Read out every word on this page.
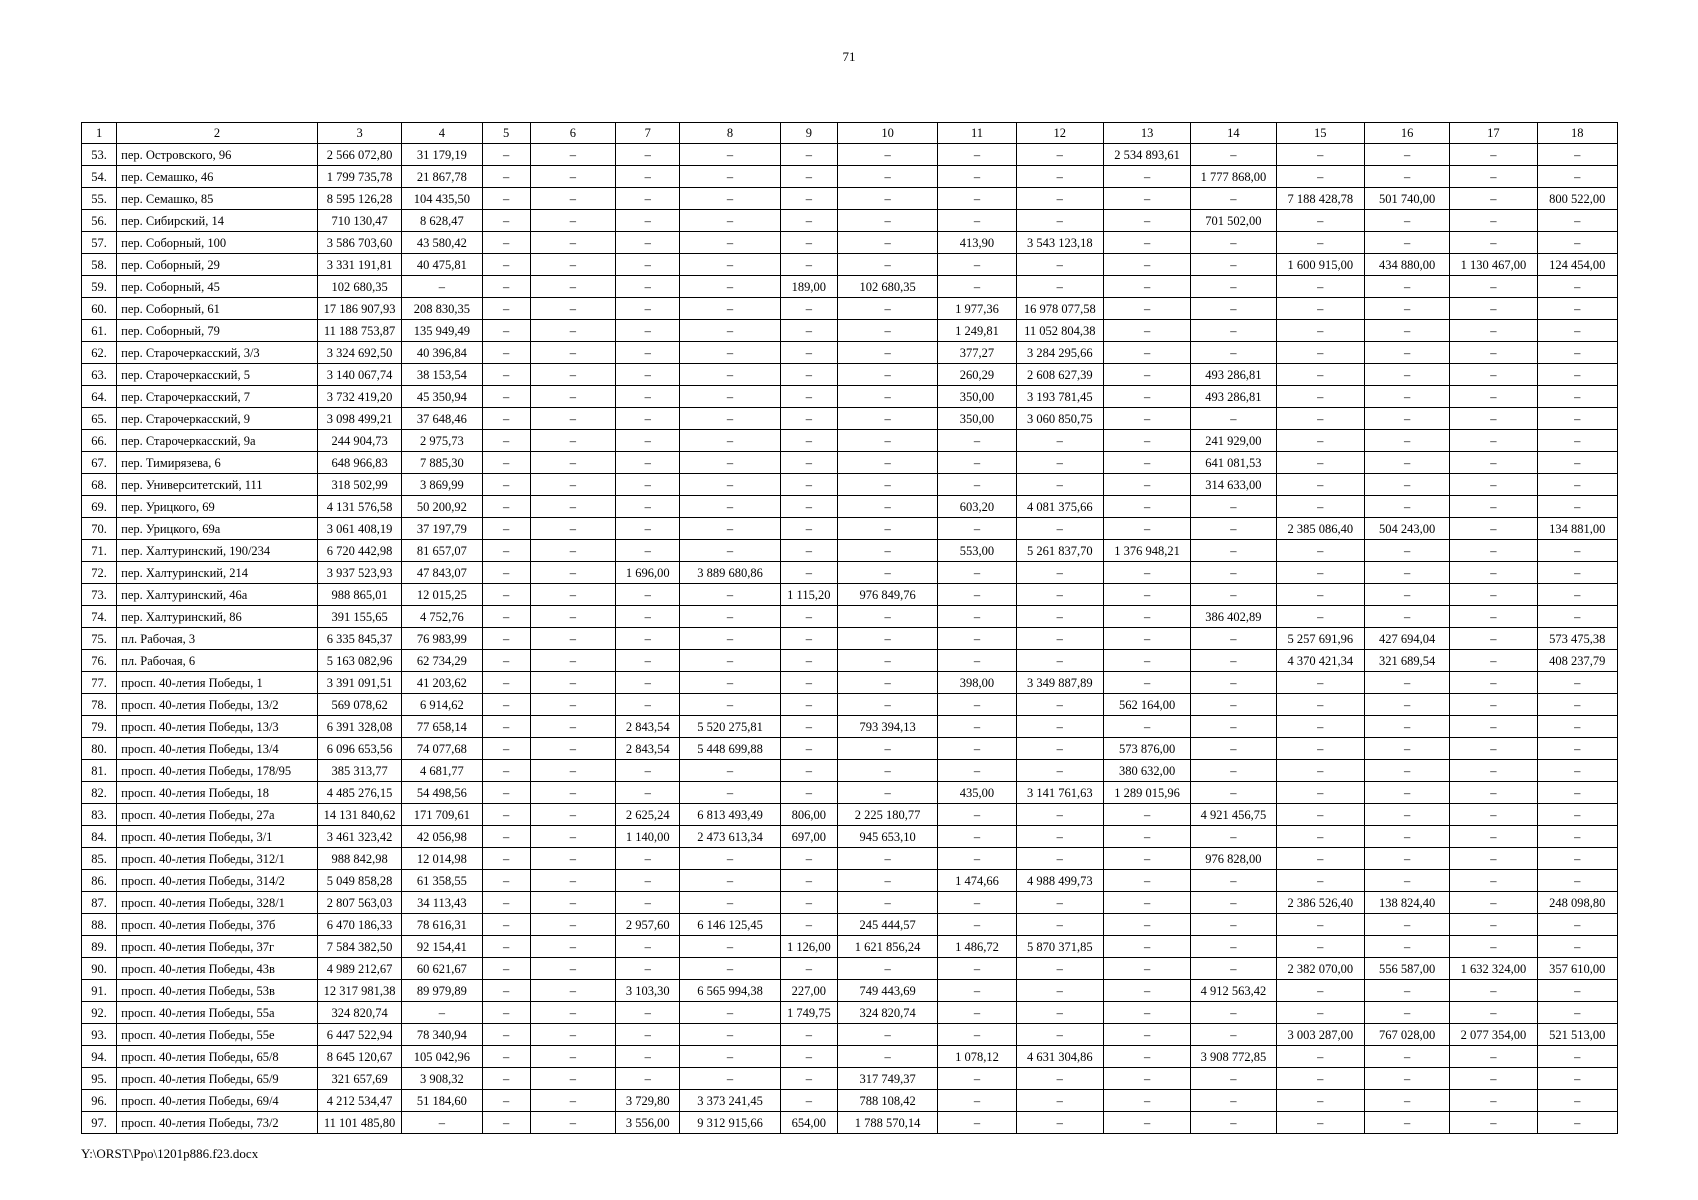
71
1	2	3	4	5	6	7	8	9	10	11	12	13	14	15	16	17	18
53.	пер. Островского, 96	2 566 072,80	31 179,19	–	–	–	–	–	–	–	–	2 534 893,61	–	–	–	–	–
54.	пер. Семашко, 46	1 799 735,78	21 867,78	–	–	–	–	–	–	–	–	–	1 777 868,00	–	–	–	–
55.	пер. Семашко, 85	8 595 126,28	104 435,50	–	–	–	–	–	–	–	–	–	–	7 188 428,78	501 740,00	–	800 522,00
56.	пер. Сибирский, 14	710 130,47	8 628,47	–	–	–	–	–	–	–	–	–	701 502,00	–	–	–	–
57.	пер. Соборный, 100	3 586 703,60	43 580,42	–	–	–	–	–	–	413,90	3 543 123,18	–	–	–	–	–	–
58.	пер. Соборный, 29	3 331 191,81	40 475,81	–	–	–	–	–	–	–	–	–	–	1 600 915,00	434 880,00	1 130 467,00	124 454,00
59.	пер. Соборный, 45	102 680,35	–	–	–	–	–	189,00	102 680,35	–	–	–	–	–	–	–	–
60.	пер. Соборный, 61	17 186 907,93	208 830,35	–	–	–	–	–	–	1 977,36	16 978 077,58	–	–	–	–	–	–
61.	пер. Соборный, 79	11 188 753,87	135 949,49	–	–	–	–	–	–	1 249,81	11 052 804,38	–	–	–	–	–	–
62.	пер. Старочеркасский, 3/3	3 324 692,50	40 396,84	–	–	–	–	–	–	377,27	3 284 295,66	–	–	–	–	–	–
63.	пер. Старочеркасский, 5	3 140 067,74	38 153,54	–	–	–	–	–	–	260,29	2 608 627,39	–	493 286,81	–	–	–	–
64.	пер. Старочеркасский, 7	3 732 419,20	45 350,94	–	–	–	–	–	–	350,00	3 193 781,45	–	493 286,81	–	–	–	–
65.	пер. Старочеркасский, 9	3 098 499,21	37 648,46	–	–	–	–	–	–	350,00	3 060 850,75	–	–	–	–	–	–
66.	пер. Старочеркасский, 9а	244 904,73	2 975,73	–	–	–	–	–	–	–	–	–	241 929,00	–	–	–	–
67.	пер. Тимирязева, 6	648 966,83	7 885,30	–	–	–	–	–	–	–	–	–	641 081,53	–	–	–	–
68.	пер. Университетский, 111	318 502,99	3 869,99	–	–	–	–	–	–	–	–	–	314 633,00	–	–	–	–
69.	пер. Урицкого, 69	4 131 576,58	50 200,92	–	–	–	–	–	–	603,20	4 081 375,66	–	–	–	–	–	–
70.	пер. Урицкого, 69а	3 061 408,19	37 197,79	–	–	–	–	–	–	–	–	–	–	2 385 086,40	504 243,00	–	134 881,00
71.	пер. Халтуринский, 190/234	6 720 442,98	81 657,07	–	–	–	–	–	–	553,00	5 261 837,70	1 376 948,21	–	–	–	–	–
72.	пер. Халтуринский, 214	3 937 523,93	47 843,07	–	–	1 696,00	3 889 680,86	–	–	–	–	–	–	–	–	–	–
73.	пер. Халтуринский, 46а	988 865,01	12 015,25	–	–	–	–	1 115,20	976 849,76	–	–	–	–	–	–	–	–
74.	пер. Халтуринский, 86	391 155,65	4 752,76	–	–	–	–	–	–	–	–	–	386 402,89	–	–	–	–
75.	пл. Рабочая, 3	6 335 845,37	76 983,99	–	–	–	–	–	–	–	–	–	–	5 257 691,96	427 694,04	–	573 475,38
76.	пл. Рабочая, 6	5 163 082,96	62 734,29	–	–	–	–	–	–	–	–	–	–	4 370 421,34	321 689,54	–	408 237,79
77.	просп. 40-летия Победы, 1	3 391 091,51	41 203,62	–	–	–	–	–	–	398,00	3 349 887,89	–	–	–	–	–	–
78.	просп. 40-летия Победы, 13/2	569 078,62	6 914,62	–	–	–	–	–	–	–	–	562 164,00	–	–	–	–	–
79.	просп. 40-летия Победы, 13/3	6 391 328,08	77 658,14	–	–	2 843,54	5 520 275,81	–	793 394,13	–	–	–	–	–	–	–	–
80.	просп. 40-летия Победы, 13/4	6 096 653,56	74 077,68	–	–	2 843,54	5 448 699,88	–	–	–	–	573 876,00	–	–	–	–	–
81.	просп. 40-летия Победы, 178/95	385 313,77	4 681,77	–	–	–	–	–	–	–	–	380 632,00	–	–	–	–	–
82.	просп. 40-летия Победы, 18	4 485 276,15	54 498,56	–	–	–	–	–	–	435,00	3 141 761,63	1 289 015,96	–	–	–	–	–
83.	просп. 40-летия Победы, 27а	14 131 840,62	171 709,61	–	–	2 625,24	6 813 493,49	806,00	2 225 180,77	–	–	–	4 921 456,75	–	–	–	–
84.	просп. 40-летия Победы, 3/1	3 461 323,42	42 056,98	–	–	1 140,00	2 473 613,34	697,00	945 653,10	–	–	–	–	–	–	–	–
85.	просп. 40-летия Победы, 312/1	988 842,98	12 014,98	–	–	–	–	–	–	–	–	–	976 828,00	–	–	–	–
86.	просп. 40-летия Победы, 314/2	5 049 858,28	61 358,55	–	–	–	–	–	–	1 474,66	4 988 499,73	–	–	–	–	–	–
87.	просп. 40-летия Победы, 328/1	2 807 563,03	34 113,43	–	–	–	–	–	–	–	–	–	–	2 386 526,40	138 824,40	–	248 098,80
88.	просп. 40-летия Победы, 37б	6 470 186,33	78 616,31	–	–	2 957,60	6 146 125,45	–	245 444,57	–	–	–	–	–	–	–	–
89.	просп. 40-летия Победы, 37г	7 584 382,50	92 154,41	–	–	–	–	1 126,00	1 621 856,24	1 486,72	5 870 371,85	–	–	–	–	–	–
90.	просп. 40-летия Победы, 43в	4 989 212,67	60 621,67	–	–	–	–	–	–	–	–	–	–	2 382 070,00	556 587,00	1 632 324,00	357 610,00
91.	просп. 40-летия Победы, 53в	12 317 981,38	89 979,89	–	–	3 103,30	6 565 994,38	227,00	749 443,69	–	–	–	4 912 563,42	–	–	–	–
92.	просп. 40-летия Победы, 55а	324 820,74	–	–	–	–	–	1 749,75	324 820,74	–	–	–	–	–	–	–	–
93.	просп. 40-летия Победы, 55е	6 447 522,94	78 340,94	–	–	–	–	–	–	–	–	–	–	3 003 287,00	767 028,00	2 077 354,00	521 513,00
94.	просп. 40-летия Победы, 65/8	8 645 120,67	105 042,96	–	–	–	–	–	–	1 078,12	4 631 304,86	–	3 908 772,85	–	–	–	–
95.	просп. 40-летия Победы, 65/9	321 657,69	3 908,32	–	–	–	–	–	317 749,37	–	–	–	–	–	–	–	–
96.	просп. 40-летия Победы, 69/4	4 212 534,47	51 184,60	–	–	3 729,80	3 373 241,45	–	788 108,42	–	–	–	–	–	–	–	–
97.	просп. 40-летия Победы, 73/2	11 101 485,80	–	–	–	3 556,00	9 312 915,66	654,00	1 788 570,14	–	–	–	–	–	–	–	–
Y:\ORST\Ppo\1201p886.f23.docx
